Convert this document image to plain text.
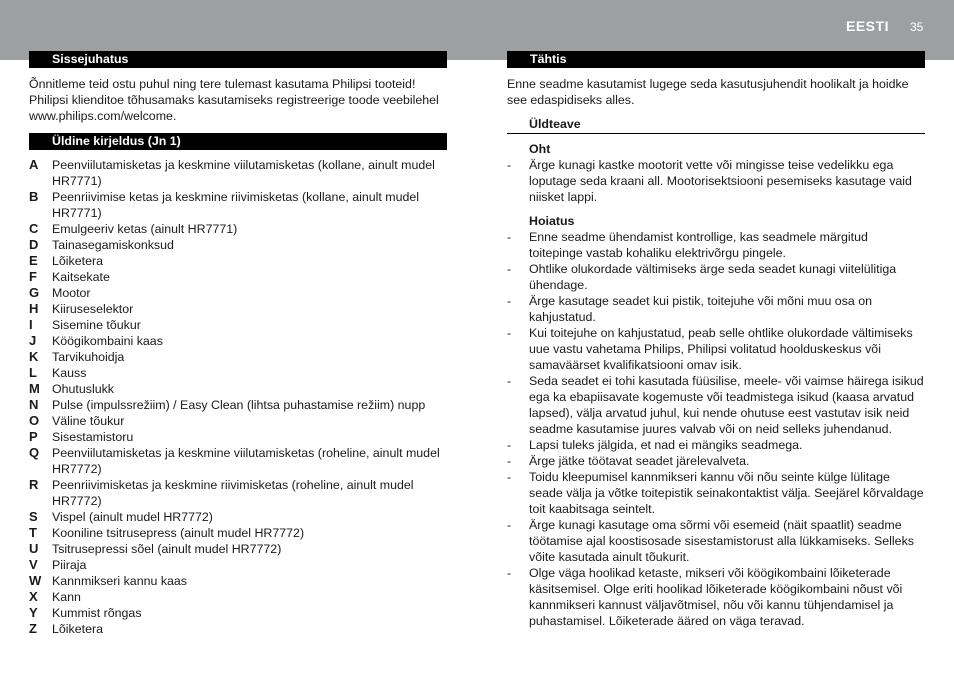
EESTI 35
Sissejuhatus

Õnnitleme teid ostu puhul ning tere tulemast kasutama Philipsi tooteid! Philipsi klienditoe tõhusamaks kasutamiseks registreerige toode veebilehel www.philips.com/welcome.

Üldine kirjeldus (Jn 1)
A Peenviilutamisketas ja keskmine viilutamisketas (kollane, ainult mudel HR7771)
B Peenriivimise ketas ja keskmine riivimisketas (kollane, ainult mudel HR7771)
C Emulgeeriv ketas (ainult HR7771)
D Tainasegamiskonksud
E Lõiketera
F Kaitsekate
G Mootor
H Kiiruseselektor
I Sisemine tõukur
J Köögikombaini kaas
K Tarvikuhoidja
L Kauss
M Ohutuslukk
N Pulse (impulssrežiim) / Easy Clean (lihtsa puhastamise režiim) nupp
O Väline tõukur
P Sisestamistoru
Q Peenviilutamisketas ja keskmine viilutamisketas (roheline, ainult mudel HR7772)
R Peenriivimisketas ja keskmine riivimisketas (roheline, ainult mudel HR7772)
S Vispel (ainult mudel HR7772)
T Kooniline tsitrusepress (ainult mudel HR7772)
U Tsitrusepressi sõel (ainult mudel HR7772)
V Piiraja
W Kannmikseri kannu kaas
X Kann
Y Kummist rõngas
Z Lõiketera
Tähtis

Enne seadme kasutamist lugege seda kasutusjuhendit hoolikalt ja hoidke see edaspidiseks alles.

Üldteave
Oht
- Ärge kunagi kastke mootorit vette või mingisse teise vedelikku ega loputage seda kraani all. Mootorisektsiooni pesemiseks kasutage vaid niisket lappi.
Hoiatus
- Enne seadme ühendamist kontrollige, kas seadmele märgitud toitepinge vastab kohaliku elektrivõrgu pingele.
- Ohtlike olukordade vältimiseks ärge seda seadet kunagi viitelülitiga ühendage.
- Ärge kasutage seadet kui pistik, toitejuhe või mõni muu osa on kahjustatud.
- Kui toitejuhe on kahjustatud, peab selle ohtlike olukordade vältimiseks uue vastu vahetama Philips, Philipsi volitatud hoolduskeskus või samaväärset kvalifikatsiooni omav isik.
- Seda seadet ei tohi kasutada füüsilise, meele- või vaimse häirega isikud ega ka ebapiisavate kogemuste või teadmistega isikud (kaasa arvatud lapsed), välja arvatud juhul, kui nende ohutuse eest vastutav isik neid seadme kasutamise juures valvab või on neid selleks juhendanud.
- Lapsi tuleks jälgida, et nad ei mängiks seadmega.
- Ärge jätke töötavat seadet järelevalveta.
- Toidu kleepumisel kannmikseri kannu või nõu seinte külge lülitage seade välja ja võtke toitepistik seinakontaktist välja. Seejärel kõrvaldage toit kaabitsaga seintelt.
- Ärge kunagi kasutage oma sõrmi või esemeid (näit spaatlit) seadme töötamise ajal koostisosade sisestamistorust alla lükkamiseks. Selleks võite kasutada ainult tõukurit.
- Olge väga hoolikad ketaste, mikseri või köögikombaini lõiketerade käsitsemisel. Olge eriti hoolikad lõiketerade köögikombaini nõust või kannmikseri kannust väljavõtmisel, nõu või kannu tühjendamisel ja puhastamisel. Lõiketerade ääred on väga teravad.
